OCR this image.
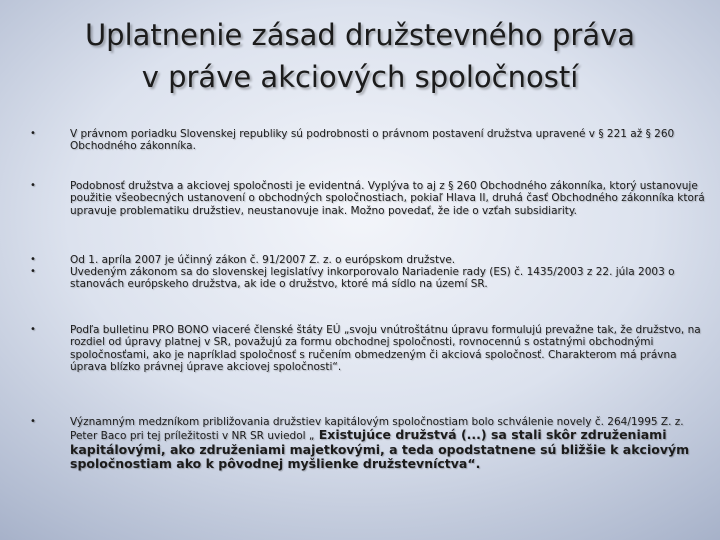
Uplatnenie zásad družstevného práva
v práve akciových spoločností
•	V právnom poriadku Slovenskej republiky sú podrobnosti o právnom postavení družstva upravené v § 221 až § 260 Obchodného zákonníka.
•	Podobnosť družstva a akciovej spoločnosti je evidentná. Vyplýva to aj z § 260 Obchodného zákonníka, ktorý ustanovuje použitie všeobecných ustanovení o obchodných spoločnostiach, pokiaľ Hlava II, druhá časť Obchodného zákonníka ktorá upravuje problematiku družstiev, neustanovuje inak. Možno povedať, že ide o vzťah subsidiarity.
•	Od 1. apríla 2007 je účinný zákon č. 91/2007 Z. z. o európskom družstve.
•	Uvedeným zákonom sa do slovenskej legislatívy inkorporovalo Nariadenie rady (ES) č. 1435/2003 z 22. júla 2003 o stanovách európskeho družstva, ak ide o družstvo, ktoré má sídlo na území SR.
•	Podľa bulletinu PRO BONO viaceré členské štáty EÚ „svoju vnútroštátnu úpravu formulujú prevažne tak, že družstvo, na rozdiel od úpravy platnej v SR, považujú za formu obchodnej spoločnosti, rovnocennú s ostatnými obchodnými spoločnosťami, ako je napríklad spoločnosť s ručením obmedzeným či akciová spoločnosť. Charakterom má právna úprava blízko právnej úprave akciovej spoločnosti“.
•	Významným medzníkom približovania družstiev kapitálovým spoločnostiam bolo schválenie novely č. 264/1995 Z. z. Peter Baco pri tej príležitosti v NR SR uviedol „ Existujúce družstvá (...) sa stali skôr združeniami kapitálovými, ako združeniami majetkovými, a teda opodstatnene sú bližšie k akciovým spoločnostiam ako k pôvodnej myšlienke družstevníctva“.
